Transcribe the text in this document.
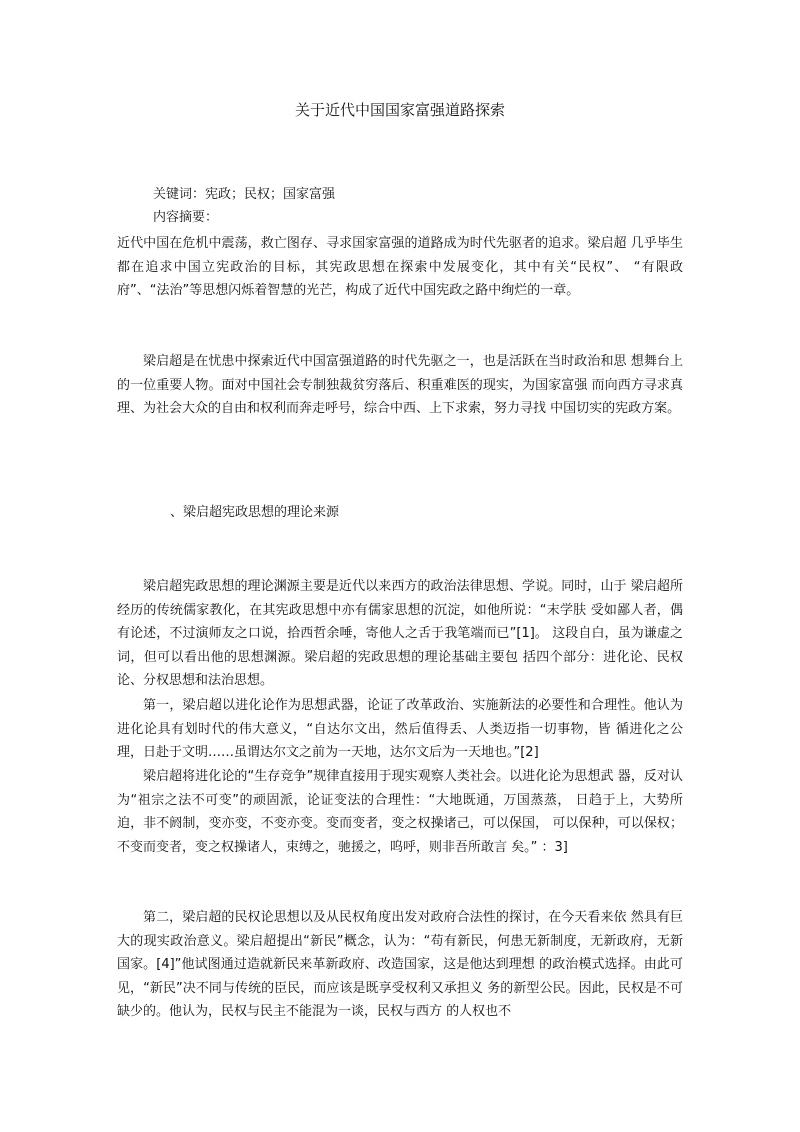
关于近代中国国家富强道路探索
关键词：宪政；民权；国家富强
内容摘要：
近代中国在危机中震荡，救亡图存、寻求国家富强的道路成为时代先驱者的追求。梁启超 几乎毕生都在追求中国立宪政治的目标，其宪政思想在探索中发展变化，其中有关“民权”、 “有限政府”、“法治”等思想闪烁着智慧的光芒，构成了近代中国宪政之路中绚烂的一章。
梁启超是在忧患中探索近代中国富强道路的时代先驱之一，也是活跃在当时政治和思 想舞台上的一位重要人物。面对中国社会专制独裁贫穷落后、积重难医的现实，为国家富强 而向西方寻求真理、为社会大众的自由和权利而奔走呼号，综合中西、上下求索，努力寻找 中国切实的宪政方案。
、梁启超宪政思想的理论来源
梁启超宪政思想的理论渊源主要是近代以来西方的政治法律思想、学说。同时，山于 梁启超所经历的传统儒家教化，在其宪政思想中亦有儒家思想的沉淀，如他所说：“末学肤 受如鄙人者，偶有论述，不过演师友之口说，拾西哲余唾，寄他人之舌于我笔端而已”[1]。 这段自白，虽为谦虚之词，但可以看出他的思想渊源。梁启超的宪政思想的理论基础主要包 括四个部分：进化论、民权论、分权思想和法治思想。
第一，梁启超以进化论作为思想武器，论证了改革政治、实施新法的必要性和合理性。他认为进化论具有划时代的伟大意义，“自达尔文出，然后值得丢、人类迈指一切事物，皆 循进化之公理，日赴于文明……虽谓达尔文之前为一天地，达尔文后为一天地也。”[2]
梁启超将进化论的“生存竞争”规律直接用于现实观察人类社会。以进化论为思想武 器，反对认为“祖宗之法不可变”的顽固派，论证变法的合理性：“大地既通，万国蒸蒸， 日趋于上，大势所迫，非不阏制，变亦变，不变亦变。变而变者，变之权操诸己，可以保国， 可以保种，可以保权；不变而变者，变之权操诸人，束缚之，驰援之，呜呼，则非吾所敢言 矣。” ：3]
第二，梁启超的民权论思想以及从民权角度出发对政府合法性的探讨，在今天看来依 然具有巨大的现实政治意义。梁启超提出“新民”概念，认为：“苟有新民，何患无新制度，无新政府，无新国家。[4]”他试图通过造就新民来革新政府、改造国家，这是他达到理想 的政治模式选择。由此可见，“新民”决不同与传统的臣民，而应该是既享受权利又承担义 务的新型公民。因此，民权是不可缺少的。他认为，民权与民主不能混为一谈，民权与西方 的人权也不
